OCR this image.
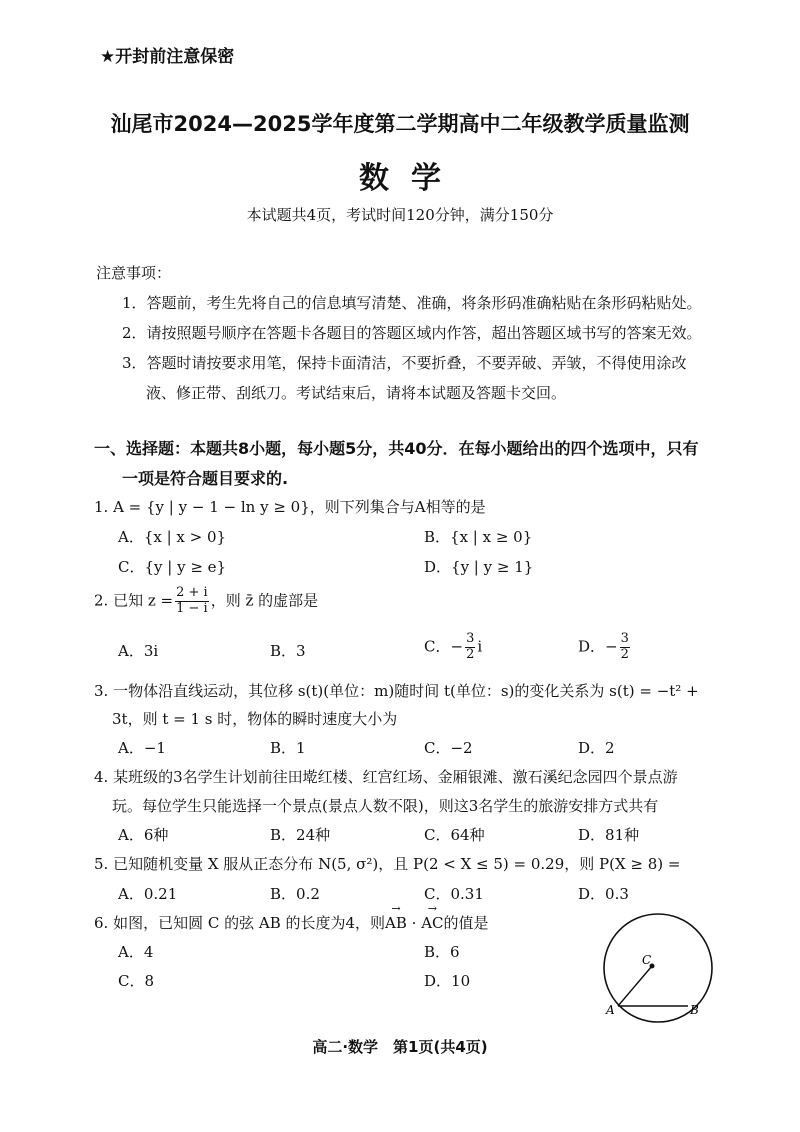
★开封前注意保密
汕尾市2024—2025学年度第二学期高中二年级教学质量监测
数学
本试题共4页，考试时间120分钟，满分150分
注意事项：
1．答题前，考生先将自己的信息填写清楚、准确，将条形码准确粘贴在条形码粘贴处。
2．请按照题号顺序在答题卡各题目的答题区域内作答，超出答题区域书写的答案无效。
3．答题时请按要求用笔，保持卡面清洁，不要折叠，不要弄破、弄皱，不得使用涂改
液、修正带、刮纸刀。考试结束后，请将本试题及答题卡交回。
一、选择题：本题共8小题，每小题5分，共40分．在每小题给出的四个选项中，只有
一项是符合题目要求的.
1. A = {y | y − 1 − ln y ≥ 0}，则下列集合与A相等的是
A．{x | x > 0}	B．{x | x ≥ 0}
C．{y | y ≥ e}	D．{y | y ≥ 1}
2. 已知 $z = \frac{2 + i}{1 - i}$ ，则 z̄ 的虚部是
A．3i	B．3	C．− $\frac{3}{2}$ i	D．− $\frac{3}{2}$
3. 一物体沿直线运动，其位移 s(t)(单位：m)随时间 t(单位：s)的变化关系为 s(t) = −t² +
3t，则 t = 1 s 时，物体的瞬时速度大小为
A．−1	B．1	C．−2	D．2
4. 某班级的3名学生计划前往田墘红楼、红宫红场、金厢银滩、激石溪纪念园四个景点游
玩。每位学生只能选择一个景点(景点人数不限)，则这3名学生的旅游安排方式共有
A．6种	B．24种	C．64种	D．81种
5. 已知随机变量 X 服从正态分布 N(5, σ²)，且 P(2 < X ≤ 5) = 0.29，则 P(X ≥ 8) =
A．0.21	B．0.2	C．0.31	D．0.3
6. 如图，已知圆 C 的弦 AB 的长度为4，则→ AB · → AC的值是
A．4	B．6
C．8	D．10
C
A	B
高二·数学　第1页(共4页)
